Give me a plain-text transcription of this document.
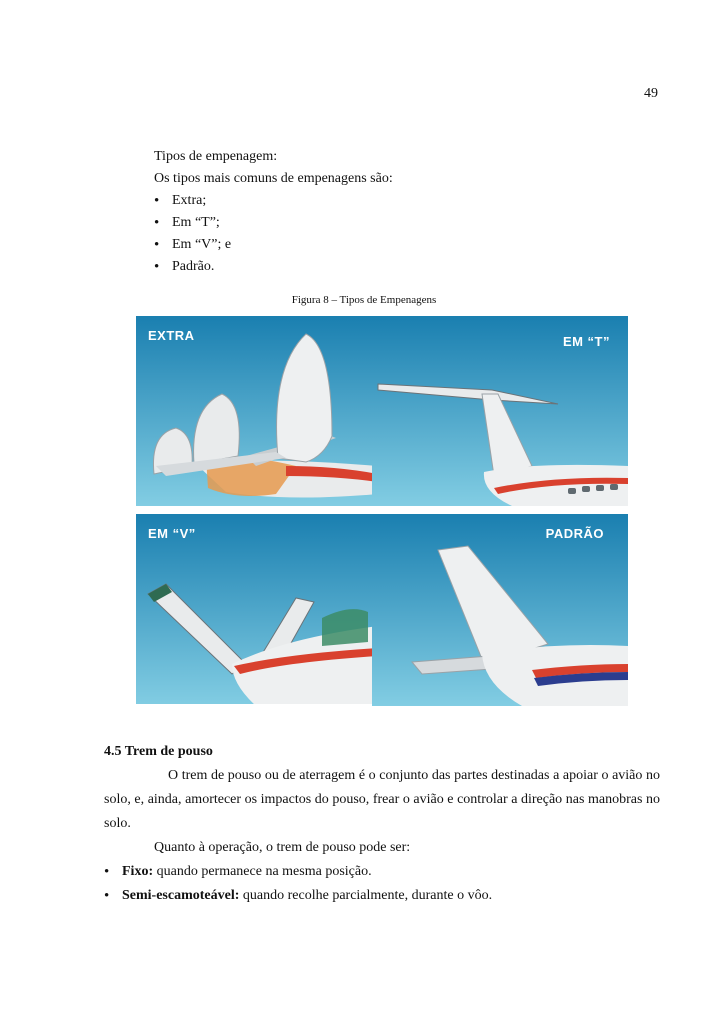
49

Tipos de empenagem:

Os tipos mais comuns de empenagens são:

• Extra;
• Em “T”;
• Em “V”; e
• Padrão.
Figura 8 – Tipos de Empenagens
EXTRA	EM “T”
EM “V”	PADRÃO
4.5 Trem de pouso

O trem de pouso ou de aterragem é o conjunto das partes destinadas a apoiar o avião no solo, e, ainda, amortecer os impactos do pouso, frear o avião e controlar a direção nas manobras no solo.

Quanto à operação, o trem de pouso pode ser:

• Fixo: quando permanece na mesma posição.
• Semi-escamoteável: quando recolhe parcialmente, durante o vôo.
